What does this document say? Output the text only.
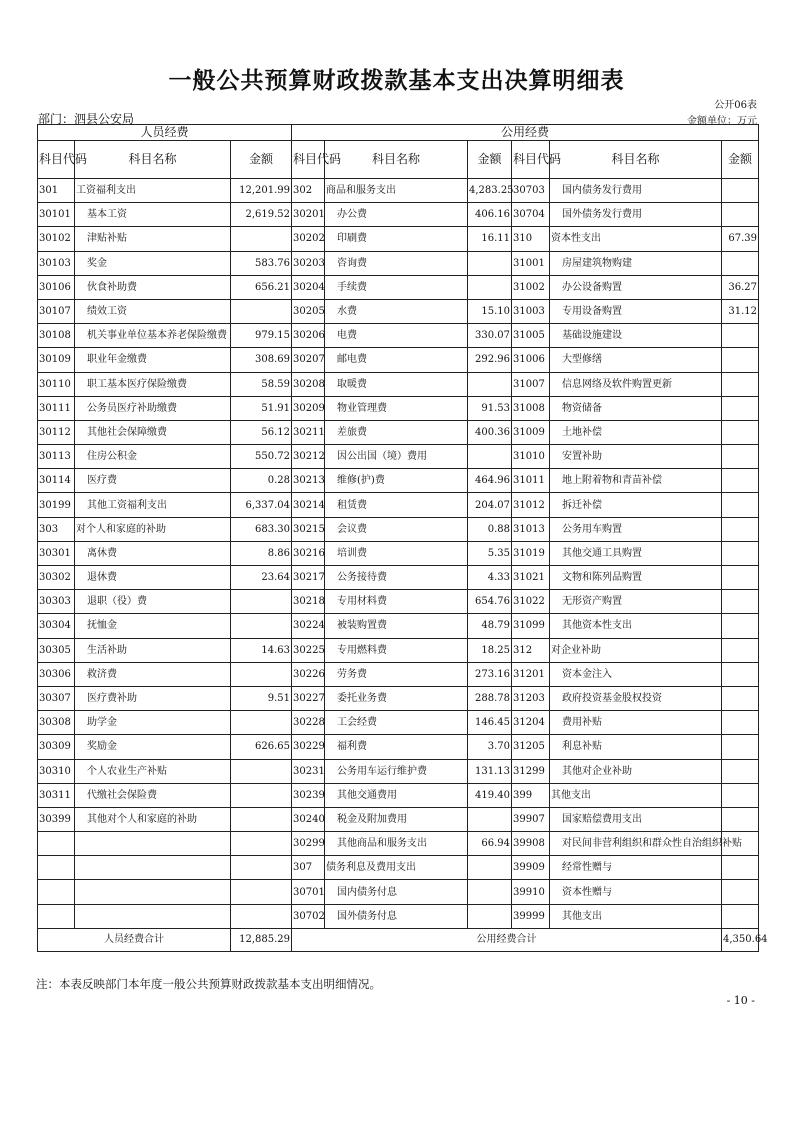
一般公共预算财政拨款基本支出决算明细表
公开06表
部门：泗县公安局	金额单位：万元
人员经费			公用经费					
科目代码	科目名称	金额	科目代码	科目名称	金额	科目代码	科目名称	金额
301	工资福利支出	12,201.99	302	商品和服务支出	4,283.25	30703	国内债务发行费用	
30101	基本工资	2,619.52	30201	办公费	406.16	30704	国外债务发行费用	
30102	津贴补贴		30202	印刷费	16.11	310	资本性支出	67.39
30103	奖金	583.76	30203	咨询费		31001	房屋建筑物购建	
30106	伙食补助费	656.21	30204	手续费		31002	办公设备购置	36.27
30107	绩效工资		30205	水费	15.10	31003	专用设备购置	31.12
30108	机关事业单位基本养老保险缴费	979.15	30206	电费	330.07	31005	基础设施建设	
30109	职业年金缴费	308.69	30207	邮电费	292.96	31006	大型修缮	
30110	职工基本医疗保险缴费	58.59	30208	取暖费		31007	信息网络及软件购置更新	
30111	公务员医疗补助缴费	51.91	30209	物业管理费	91.53	31008	物资储备	
30112	其他社会保障缴费	56.12	30211	差旅费	400.36	31009	土地补偿	
30113	住房公积金	550.72	30212	因公出国（境）费用		31010	安置补助	
30114	医疗费	0.28	30213	维修(护)费	464.96	31011	地上附着物和青苗补偿	
30199	其他工资福利支出	6,337.04	30214	租赁费	204.07	31012	拆迁补偿	
303	对个人和家庭的补助	683.30	30215	会议费	0.88	31013	公务用车购置	
30301	离休费	8.86	30216	培训费	5.35	31019	其他交通工具购置	
30302	退休费	23.64	30217	公务接待费	4.33	31021	文物和陈列品购置	
30303	退职（役）费		30218	专用材料费	654.76	31022	无形资产购置	
30304	抚恤金		30224	被装购置费	48.79	31099	其他资本性支出	
30305	生活补助	14.63	30225	专用燃料费	18.25	312	对企业补助	
30306	救济费		30226	劳务费	273.16	31201	资本金注入	
30307	医疗费补助	9.51	30227	委托业务费	288.78	31203	政府投资基金股权投资	
30308	助学金		30228	工会经费	146.45	31204	费用补贴	
30309	奖励金	626.65	30229	福利费	3.70	31205	利息补贴	
30310	个人农业生产补贴		30231	公务用车运行维护费	131.13	31299	其他对企业补助	
30311	代缴社会保险费		30239	其他交通费用	419.40	399	其他支出	
30399	其他对个人和家庭的补助		30240	税金及附加费用		39907	国家赔偿费用支出	
			30299	其他商品和服务支出	66.94	39908	对民间非营利组织和群众性自治组织补贴	
			307	债务利息及费用支出		39909	经常性赠与	
			30701	国内债务付息		39910	资本性赠与	
			30702	国外债务付息		39999	其他支出	
人员经费合计		12,885.29	公用经费合计					4,350.64
注：本表反映部门本年度一般公共预算财政拨款基本支出明细情况。
- 10 -
